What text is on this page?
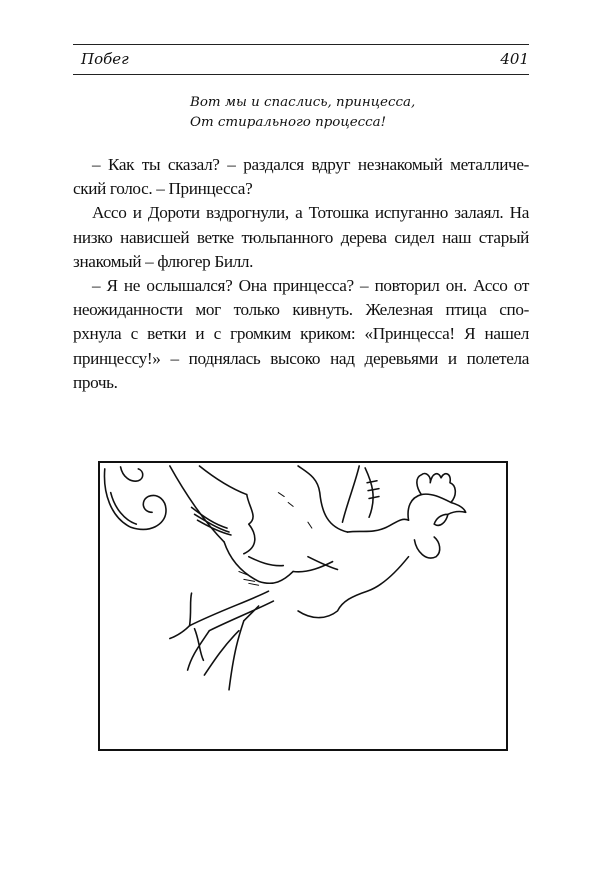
Побег	401
Вот мы и спаслись, принцесса,
От стирального процесса!
– Как ты сказал? – раздался вдруг незнакомый металличе-
ский голос. – Принцесса?
Ассо и Дороти вздрогнули, а Тотошка испуганно залаял. На
низко нависшей ветке тюльпанного дерева сидел наш старый
знакомый – флюгер Билл.
– Я не ослышался? Она принцесса? – повторил он. Ассо от
неожиданности мог только кивнуть. Железная птица спо-
рхнула с ветки и с громким криком: «Принцесса! Я нашел
принцессу!» – поднялась высоко над деревьями и полетела
прочь.
